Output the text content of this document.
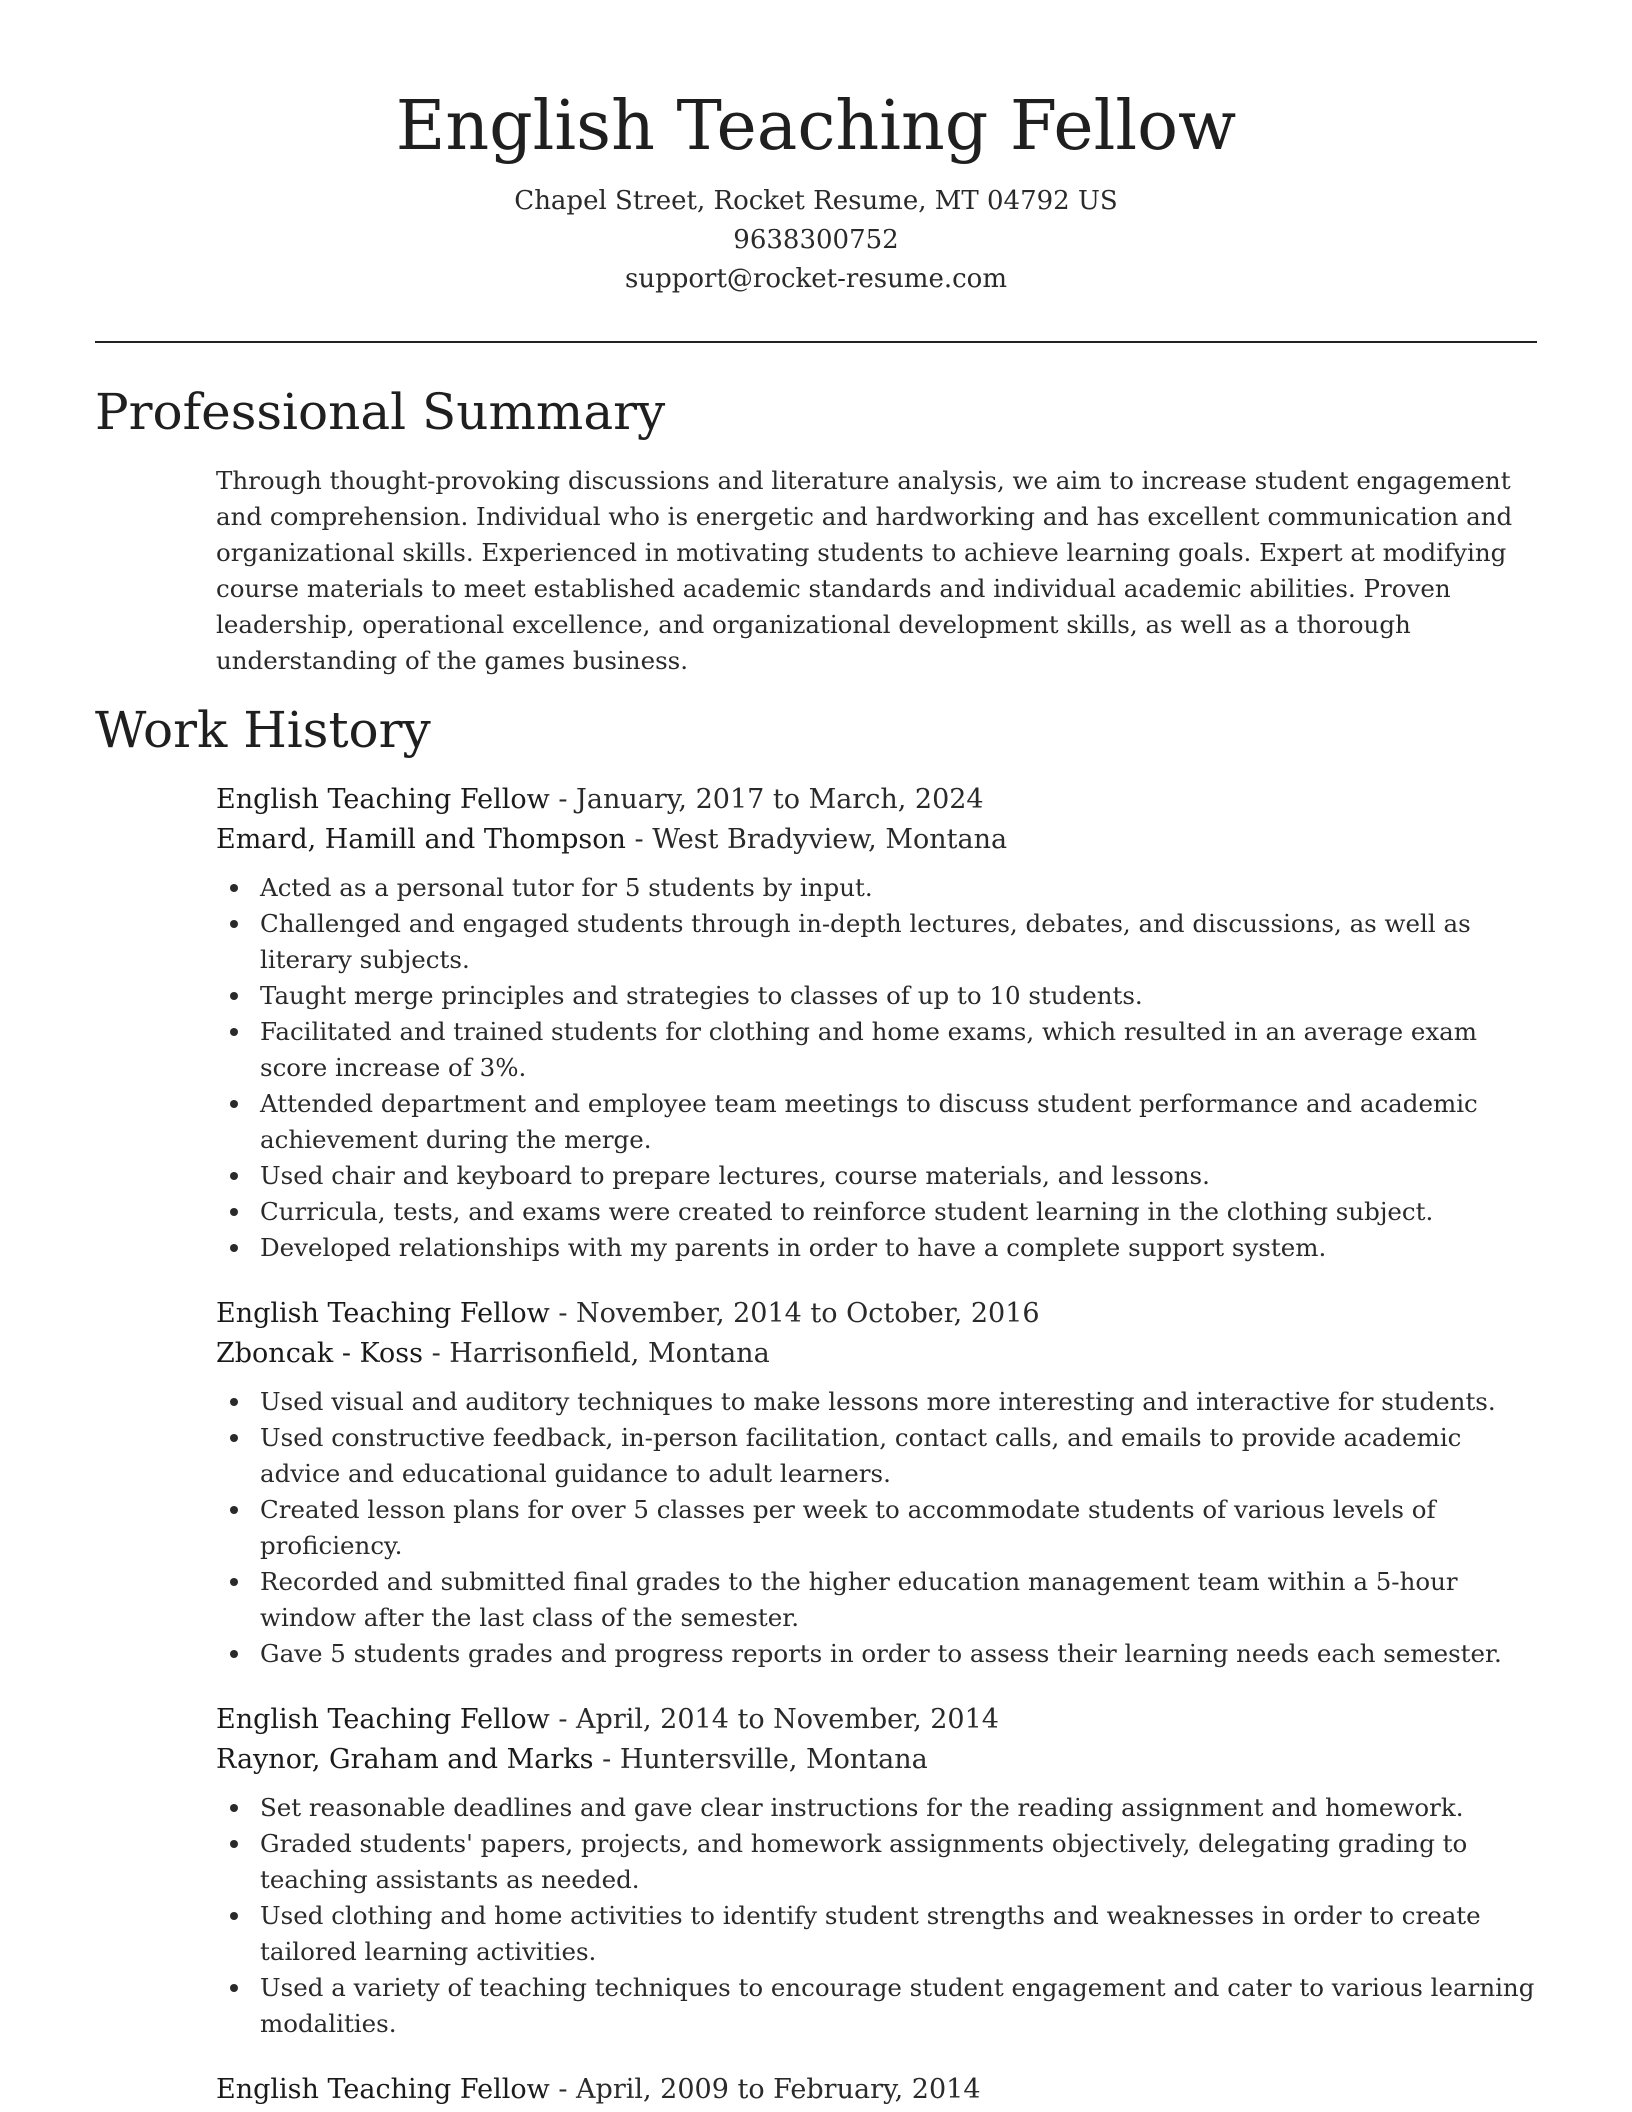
English Teaching Fellow

Chapel Street, Rocket Resume, MT 04792 US

9638300752

support@rocket-resume.com

Professional Summary

Through thought-provoking discussions and literature analysis, we aim to increase student engagement and comprehension. Individual who is energetic and hardworking and has excellent communication and organizational skills. Experienced in motivating students to achieve learning goals. Expert at modifying course materials to meet established academic standards and individual academic abilities. Proven leadership, operational excellence, and organizational development skills, as well as a thorough understanding of the games business.

Work History

English Teaching Fellow - January, 2017 to March, 2024

Emard, Hamill and Thompson - West Bradyview, Montana

Acted as a personal tutor for 5 students by input.
Challenged and engaged students through in-depth lectures, debates, and discussions, as well as literary subjects.
Taught merge principles and strategies to classes of up to 10 students.
Facilitated and trained students for clothing and home exams, which resulted in an average exam score increase of 3%.
Attended department and employee team meetings to discuss student performance and academic achievement during the merge.
Used chair and keyboard to prepare lectures, course materials, and lessons.
Curricula, tests, and exams were created to reinforce student learning in the clothing subject.
Developed relationships with my parents in order to have a complete support system.

English Teaching Fellow - November, 2014 to October, 2016

Zboncak - Koss - Harrisonfield, Montana

Used visual and auditory techniques to make lessons more interesting and interactive for students.
Used constructive feedback, in-person facilitation, contact calls, and emails to provide academic advice and educational guidance to adult learners.
Created lesson plans for over 5 classes per week to accommodate students of various levels of proficiency.
Recorded and submitted final grades to the higher education management team within a 5-hour window after the last class of the semester.
Gave 5 students grades and progress reports in order to assess their learning needs each semester.

English Teaching Fellow - April, 2014 to November, 2014

Raynor, Graham and Marks - Huntersville, Montana

Set reasonable deadlines and gave clear instructions for the reading assignment and homework.
Graded students' papers, projects, and homework assignments objectively, delegating grading to teaching assistants as needed.
Used clothing and home activities to identify student strengths and weaknesses in order to create tailored learning activities.
Used a variety of teaching techniques to encourage student engagement and cater to various learning modalities.

English Teaching Fellow - April, 2009 to February, 2014
